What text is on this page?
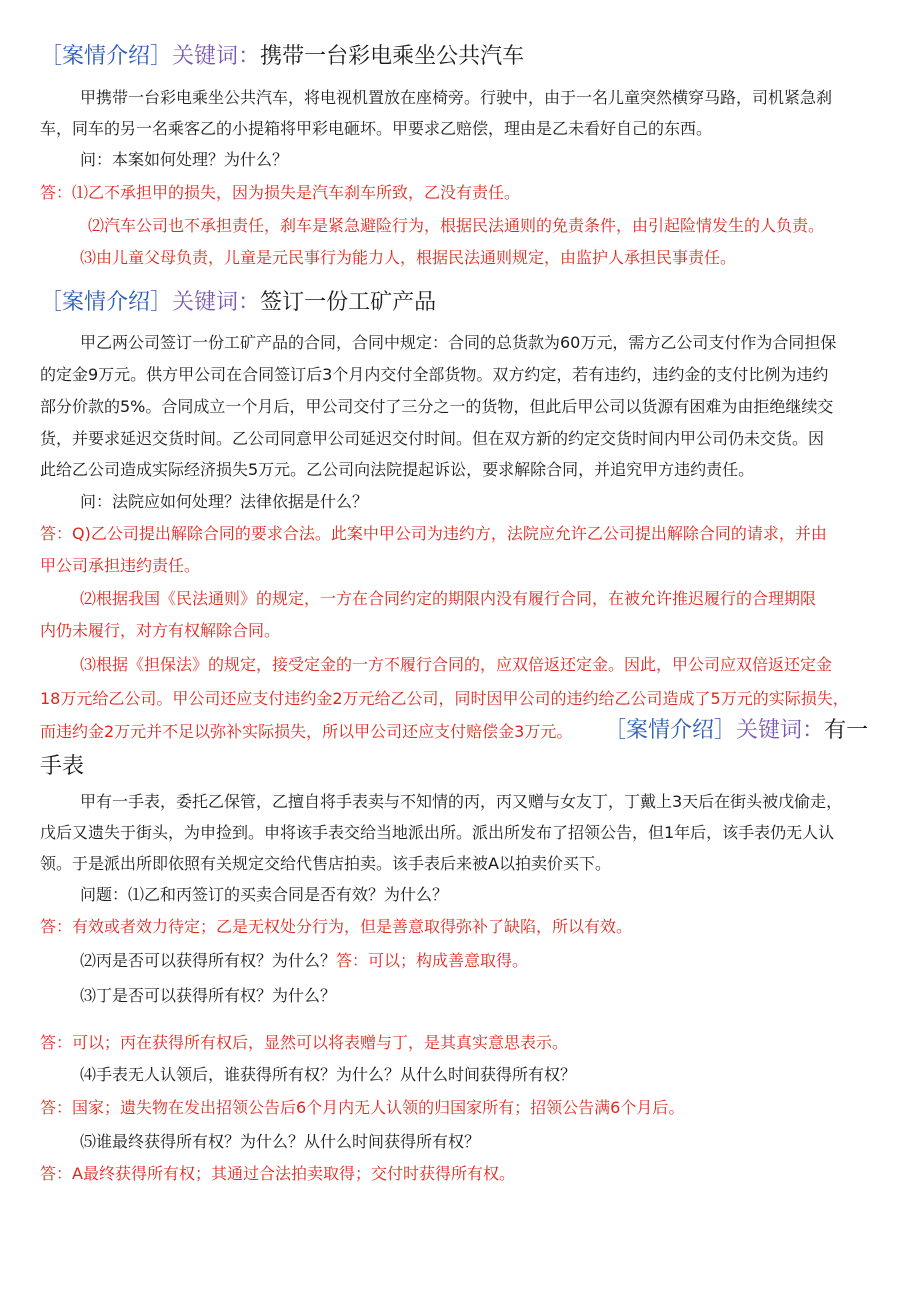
［案情介绍］关键词：携带一台彩电乘坐公共汽车
甲携带一台彩电乘坐公共汽车，将电视机置放在座椅旁。行驶中，由于一名儿童突然横穿马路，司机紧急刹
车，同车的另一名乘客乙的小提箱将甲彩电砸坏。甲要求乙赔偿，理由是乙未看好自己的东西。
问：本案如何处理？为什么？
答：⑴乙不承担甲的损失，因为损失是汽车刹车所致，乙没有责任。
⑵汽车公司也不承担责任，刹车是紧急避险行为，根据民法通则的免责条件，由引起险情发生的人负责。
⑶由儿童父母负责，儿童是元民事行为能力人，根据民法通则规定，由监护人承担民事责任。
［案情介绍］关键词：签订一份工矿产品
甲乙两公司签订一份工矿产品的合同，合同中规定：合同的总货款为60万元，需方乙公司支付作为合同担保
的定金9万元。供方甲公司在合同签订后3个月内交付全部货物。双方约定，若有违约，违约金的支付比例为违约
部分价款的5%。合同成立一个月后，甲公司交付了三分之一的货物，但此后甲公司以货源有困难为由拒绝继续交
货，并要求延迟交货时间。乙公司同意甲公司延迟交付时间。但在双方新的约定交货时间内甲公司仍未交货。因
此给乙公司造成实际经济损失5万元。乙公司向法院提起诉讼，要求解除合同，并追究甲方违约责任。
问：法院应如何处理？法律依据是什么？
答：Q)乙公司提出解除合同的要求合法。此案中甲公司为违约方，法院应允许乙公司提出解除合同的请求，并由
甲公司承担违约责任。
⑵根据我国《民法通则》的规定，一方在合同约定的期限内没有履行合同，在被允许推迟履行的合理期限
内仍未履行，对方有权解除合同。
⑶根据《担保法》的规定，接受定金的一方不履行合同的，应双倍返还定金。因此，甲公司应双倍返还定金
18万元给乙公司。甲公司还应支付违约金2万元给乙公司，同时因甲公司的违约给乙公司造成了5万元的实际损失，
而违约金2万元并不足以弥补实际损失，所以甲公司还应支付赔偿金3万元。 ［案情介绍］关键词：有一
手表
甲有一手表，委托乙保管，乙擅自将手表卖与不知情的丙，丙又赠与女友丁，丁戴上3天后在街头被戊偷走，
戊后又遗失于街头，为申捡到。申将该手表交给当地派出所。派出所发布了招领公告，但1年后，该手表仍无人认
领。于是派出所即依照有关规定交给代售店拍卖。该手表后来被A以拍卖价买下。
问题：⑴乙和丙签订的买卖合同是否有效？为什么？
答：有效或者效力待定；乙是无权处分行为，但是善意取得弥补了缺陷，所以有效。
⑵丙是否可以获得所有权？为什么？答：可以；构成善意取得。
⑶丁是否可以获得所有权？为什么？
答：可以；丙在获得所有权后，显然可以将表赠与丁，是其真实意思表示。
⑷手表无人认领后，谁获得所有权？为什么？从什么时间获得所有权？
答：国家；遗失物在发出招领公告后6个月内无人认领的归国家所有；招领公告满6个月后。
⑸谁最终获得所有权？为什么？从什么时间获得所有权？
答：A最终获得所有权；其通过合法拍卖取得；交付时获得所有权。
